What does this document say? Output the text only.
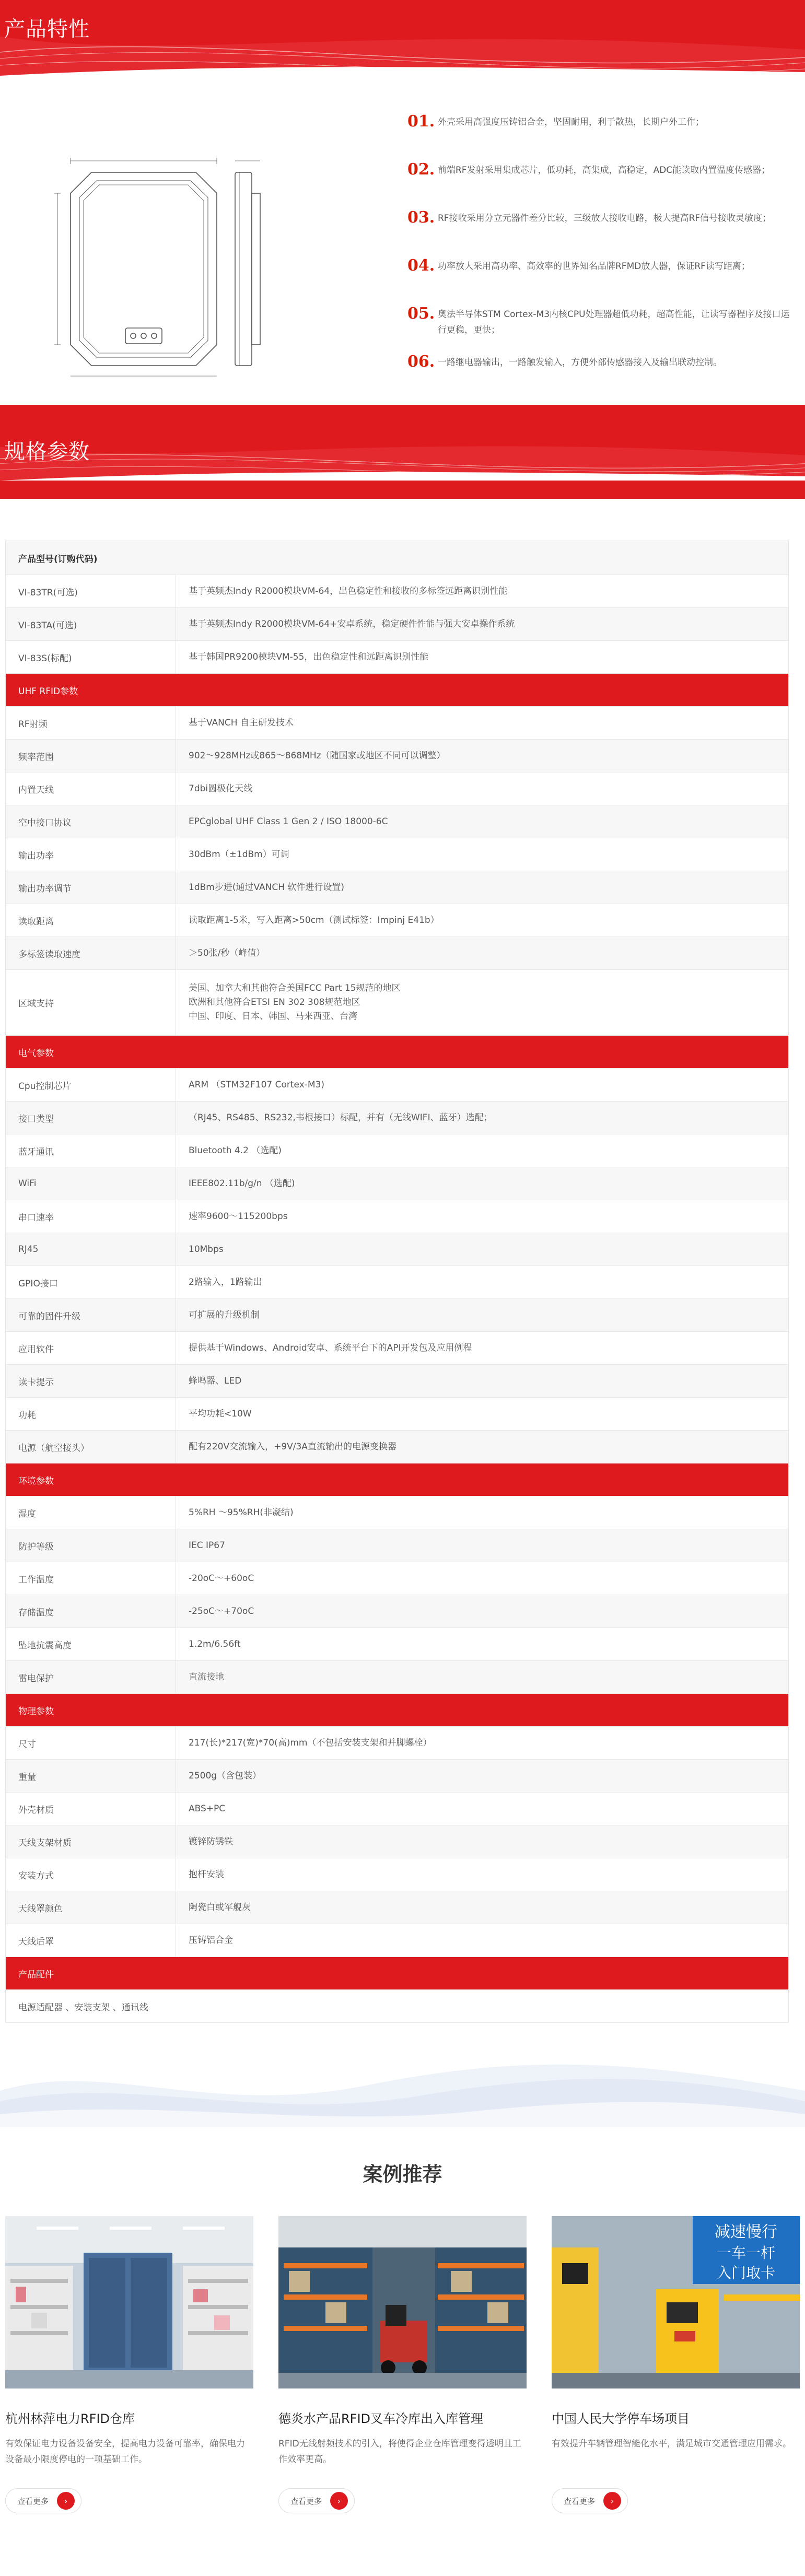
产品特性
01. 外壳采用高强度压铸铝合金，坚固耐用，利于散热，长期户外工作；
02. 前端RF发射采用集成芯片，低功耗，高集成，高稳定，ADC能读取内置温度传感器；
03. RF接收采用分立元器件差分比较，三级放大接收电路，极大提高RF信号接收灵敏度；
04. 功率放大采用高功率、高效率的世界知名品牌RFMD放大器，保证RF读写距离；
05. 奥法半导体STM Cortex-M3内核CPU处理器超低功耗，超高性能，让读写器程序及接口运行更稳，更快；
06. 一路继电器输出，一路触发输入，方便外部传感器接入及输出联动控制。
规格参数
产品型号(订购代码)	
VI-83TR(可选)	基于英频杰Indy R2000模块VM-64，出色稳定性和接收的多标签远距离识别性能
VI-83TA(可选)	基于英频杰Indy R2000模块VM-64+安卓系统，稳定硬件性能与强大安卓操作系统
VI-83S(标配)	基于韩国PR9200模块VM-55，出色稳定性和远距离识别性能
UHF RFID参数	
RF射频	基于VANCH 自主研发技术
频率范围	902～928MHz或865～868MHz（随国家或地区不同可以调整）
内置天线	7dbi圆极化天线
空中接口协议	EPCglobal UHF Class 1 Gen 2 / ISO 18000-6C
输出功率	30dBm（±1dBm）可调
输出功率调节	1dBm步进(通过VANCH 软件进行设置)
读取距离	读取距离1-5米，写入距离>50cm（测试标签：Impinj E41b）
多标签读取速度	＞50张/秒（峰值）
区域支持	美国、加拿大和其他符合美国FCC Part 15规范的地区
欧洲和其他符合ETSI EN 302 308规范地区
中国、印度、日本、韩国、马来西亚、台湾

电气参数	
Cpu控制芯片	ARM （STM32F107 Cortex-M3)
接口类型	（RJ45、RS485、RS232,韦根接口）标配，并有（无线WIFI、蓝牙）选配；
蓝牙通讯	Bluetooth 4.2 （选配)
WiFi	IEEE802.11b/g/n （选配)
串口速率	速率9600～115200bps
RJ45	10Mbps
GPIO接口	2路输入，1路输出
可靠的固件升级	可扩展的升级机制
应用软件	提供基于Windows、Android安卓、系统平台下的API开发包及应用例程
读卡提示	蜂鸣器、LED
功耗	平均功耗<10W
电源（航空接头）	配有220V交流输入，+9V/3A直流输出的电源变换器
环境参数	
湿度	5%RH ～95%RH(非凝结)
防护等级	IEC IP67
工作温度	-20oC～+60oC
存储温度	-25oC～+70oC
坠地抗震高度	1.2m/6.56ft
雷电保护	直流接地
物理参数	
尺寸	217(长)*217(宽)*70(高)mm（不包括安装支架和并脚螺栓）
重量	2500g（含包装）
外壳材质	ABS+PC
天线支架材质	镀锌防锈铁
安装方式	抱杆安装
天线罩颜色	陶瓷白或军舰灰
天线后罩	压铸铝合金
产品配件	
电源适配器 、安装支架 、通讯线	
案例推荐
杭州林萍电力RFID仓库

有效保证电力设备设备安全，提高电力设备可靠率，确保电力设备最小限度停电的一项基础工作。

查看更多	›
德炎水产品RFID叉车冷库出入库管理

RFID无线射频技术的引入，将使得企业仓库管理变得透明且工作效率更高。

查看更多	›
减速慢行
一车一杆
入门取卡
中国人民大学停车场项目

有效提升车辆管理智能化水平，满足城市交通管理应用需求。

查看更多	›
